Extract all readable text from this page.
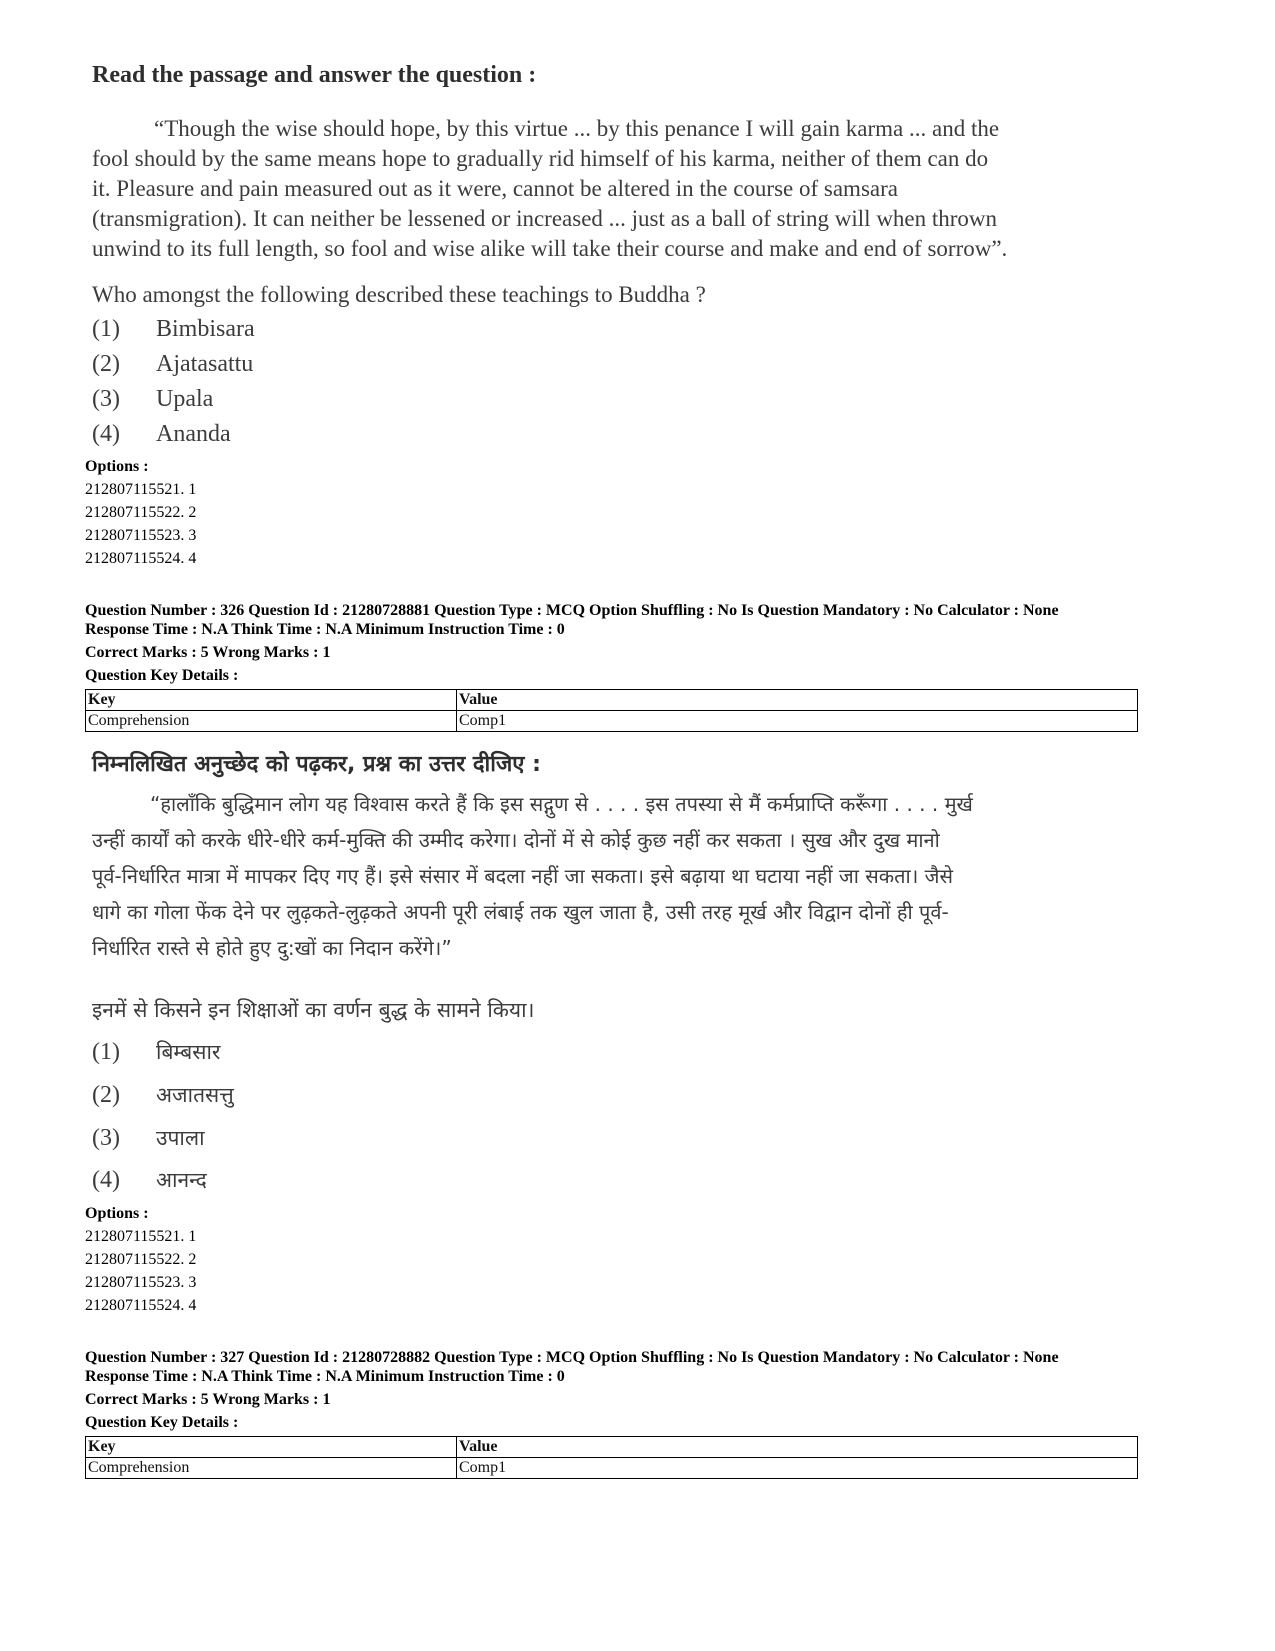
Read the passage and answer the question :
“Though the wise should hope, by this virtue ... by this penance I will gain karma ... and the
fool should by the same means hope to gradually rid himself of his karma, neither of them can do
it. Pleasure and pain measured out as it were, cannot be altered in the course of samsara
(transmigration). It can neither be lessened or increased ... just as a ball of string will when thrown
unwind to its full length, so fool and wise alike will take their course and make and end of sorrow”.
Who amongst the following described these teachings to Buddha ?
(1) Bimbisara
(2) Ajatasattu
(3) Upala
(4) Ananda
Options :
212807115521. 1
212807115522. 2
212807115523. 3
212807115524. 4
Question Number : 326 Question Id : 21280728881 Question Type : MCQ Option Shuffling : No Is Question Mandatory : No Calculator : None
Response Time : N.A Think Time : N.A Minimum Instruction Time : 0
Correct Marks : 5 Wrong Marks : 1
Question Key Details :
Key	Value
Comprehension	Comp1
निम्नलिखित अनुच्छेद को पढ़कर, प्रश्न का उत्तर दीजिए :
“हालाँकि बुद्धिमान लोग यह विश्वास करते हैं कि इस सद्गुण से . . . . इस तपस्या से मैं कर्मप्राप्ति करूँगा . . . . मुर्ख
उन्हीं कार्यों को करके धीरे-धीरे कर्म-मुक्ति की उम्मीद करेगा। दोनों में से कोई कुछ नहीं कर सकता । सुख और दुख मानो
पूर्व-निर्धारित मात्रा में मापकर दिए गए हैं। इसे संसार में बदला नहीं जा सकता। इसे बढ़ाया था घटाया नहीं जा सकता। जैसे
धागे का गोला फेंक देने पर लुढ़कते-लुढ़कते अपनी पूरी लंबाई तक खुल जाता है, उसी तरह मूर्ख और विद्वान दोनों ही पूर्व-
निर्धारित रास्ते से होते हुए दु:खों का निदान करेंगे।”
इनमें से किसने इन शिक्षाओं का वर्णन बुद्ध के सामने किया।
(1) बिम्बसार
(2) अजातसत्तु
(3) उपाला
(4) आनन्द
Options :
212807115521. 1
212807115522. 2
212807115523. 3
212807115524. 4
Question Number : 327 Question Id : 21280728882 Question Type : MCQ Option Shuffling : No Is Question Mandatory : No Calculator : None
Response Time : N.A Think Time : N.A Minimum Instruction Time : 0
Correct Marks : 5 Wrong Marks : 1
Question Key Details :
Key	Value
Comprehension	Comp1
